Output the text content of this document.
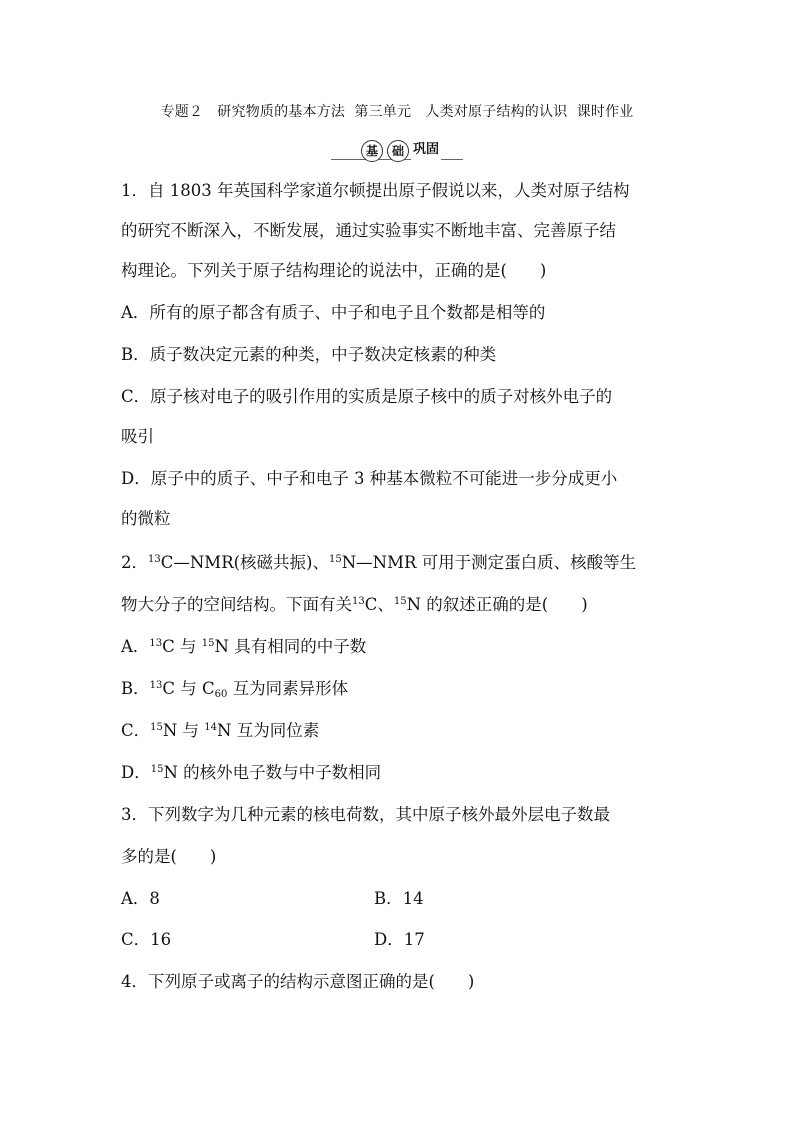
专题２　研究物质的基本方法  第三单元　人类对原子结构的认识  课时作业
基	础 巩固
1．自 1803 年英国科学家道尔顿提出原子假说以来，人类对原子结构
的研究不断深入，不断发展，通过实验事实不断地丰富、完善原子结
构理论。下列关于原子结构理论的说法中，正确的是(　　)
A．所有的原子都含有质子、中子和电子且个数都是相等的
B．质子数决定元素的种类，中子数决定核素的种类
C．原子核对电子的吸引作用的实质是原子核中的质子对核外电子的
吸引
D．原子中的质子、中子和电子 3 种基本微粒不可能进一步分成更小
的微粒
2．$^{13}$C—NMR(核磁共振)、$^{15}$N—NMR 可用于测定蛋白质、核酸等生
物大分子的空间结构。下面有关$^{13}$C、$^{15}$N 的叙述正确的是(　　)
A．$^{13}$C 与 $^{15}$N 具有相同的中子数
B．$^{13}$C 与 $C_{60}$ 互为同素异形体
C．$^{15}$N 与 $^{14}$N 互为同位素
D．$^{15}$N 的核外电子数与中子数相同
3．下列数字为几种元素的核电荷数，其中原子核外最外层电子数最
多的是(　　)
A．8	B．14
C．16	D．17
4．下列原子或离子的结构示意图正确的是(　　)
